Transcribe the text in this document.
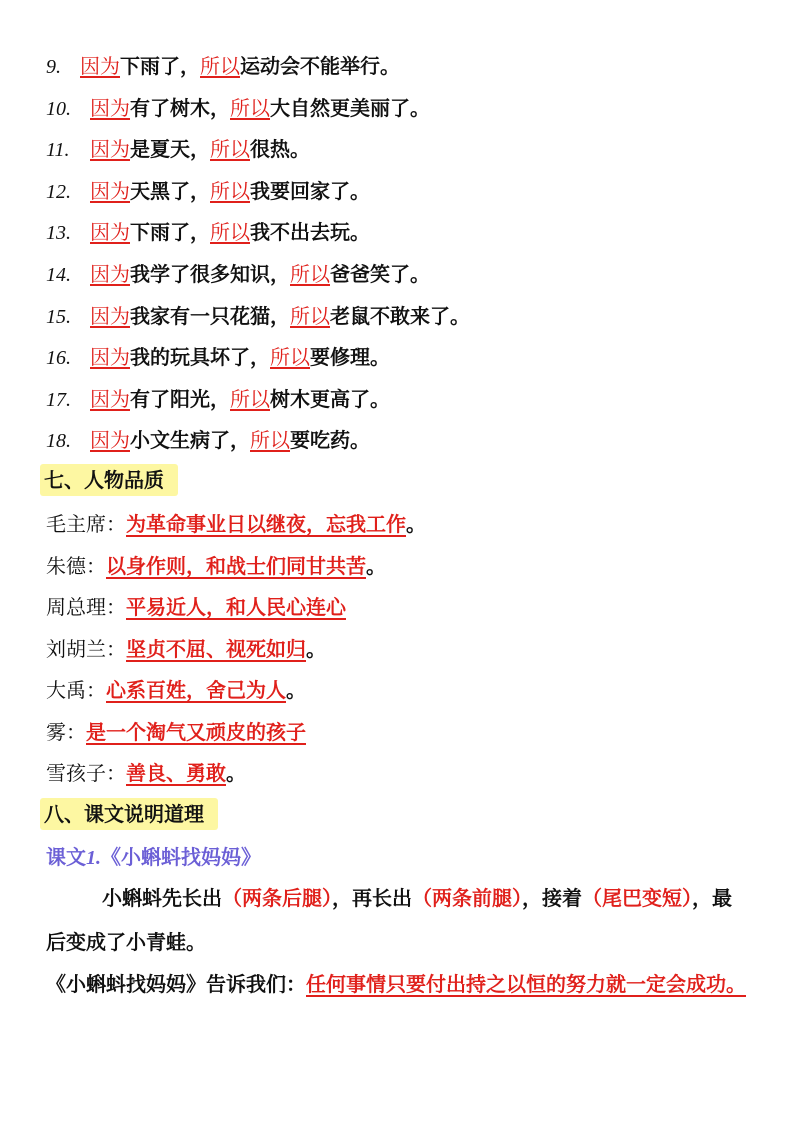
9. 因为下雨了，所以运动会不能举行。
10. 因为有了树木，所以大自然更美丽了。
11. 因为是夏天，所以很热。
12. 因为天黑了，所以我要回家了。
13. 因为下雨了，所以我不出去玩。
14. 因为我学了很多知识，所以爸爸笑了。
15. 因为我家有一只花猫，所以老鼠不敢来了。
16. 因为我的玩具坏了，所以要修理。
17. 因为有了阳光，所以树木更高了。
18. 因为小文生病了，所以要吃药。
七、人物品质
毛主席：为革命事业日以继夜，忘我工作。
朱德：以身作则，和战士们同甘共苦。
周总理：平易近人，和人民心连心
刘胡兰：坚贞不屈、视死如归。
大禹：心系百姓，舍己为人。
雾：是一个淘气又顽皮的孩子
雪孩子：善良、勇敢。
八、课文说明道理
课文1.《小蝌蚪找妈妈》
小蝌蚪先长出（两条后腿），再长出（两条前腿），接着（尾巴变短），最后变成了小青蛙。
《小蝌蚪找妈妈》告诉我们：任何事情只要付出持之以恒的努力就一定会成功。
